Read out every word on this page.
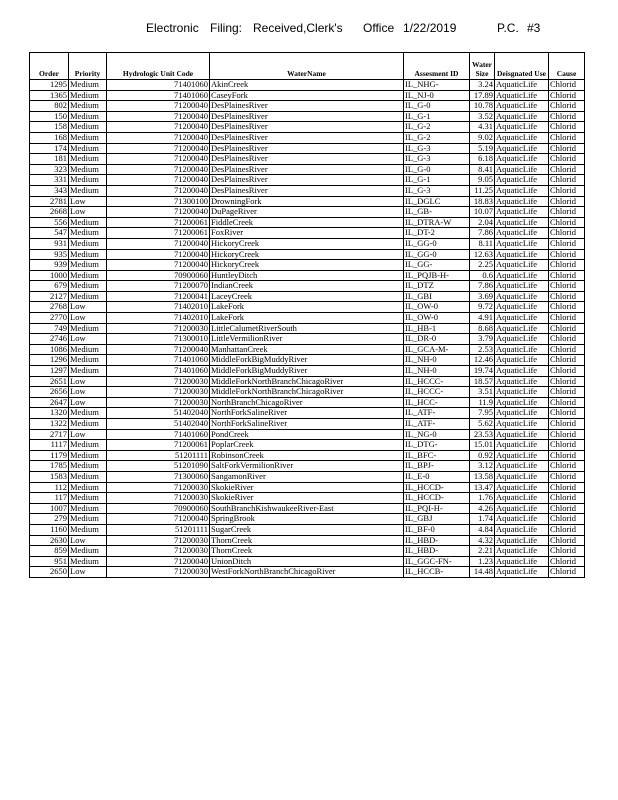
Electronic Filing: Received,Clerk's Office 1/22/2019	P.C. #3
Order	Priority	Hydrologic Unit Code	WaterName	Assesment ID	Water Size	Deisgnated Use	Cause
1295	Medium	71401060	AkinCreek	IL_NHG-	3.24	AquaticLife	Chlorid
1365	Medium	71401060	CaseyFork	IL_NJ-0	17.89	AquaticLife	Chlorid
802	Medium	71200040	DesPlainesRiver	IL_G-0	10.78	AquaticLife	Chlorid
150	Medium	71200040	DesPlainesRiver	IL_G-1	3.52	AquaticLife	Chlorid
158	Medium	71200040	DesPlainesRiver	IL_G-2	4.31	AquaticLife	Chlorid
168	Medium	71200040	DesPlainesRiver	IL_G-2	9.02	AquaticLife	Chlorid
174	Medium	71200040	DesPlainesRiver	IL_G-3	5.19	AquaticLife	Chlorid
181	Medium	71200040	DesPlainesRiver	IL_G-3	6.18	AquaticLife	Chlorid
323	Medium	71200040	DesPlainesRiver	IL_G-0	8.41	AquaticLife	Chlorid
331	Medium	71200040	DesPlainesRiver	IL_G-1	9.05	AquaticLife	Chlorid
343	Medium	71200040	DesPlainesRiver	IL_G-3	11.25	AquaticLife	Chlorid
2781	Low	71300100	DrowningFork	IL_DGLC	18.83	AquaticLife	Chlorid
2668	Low	71200040	DuPageRiver	IL_GB-	10.07	AquaticLife	Chlorid
556	Medium	71200061	FiddleCreek	IL_DTRA-W	2.04	AquaticLife	Chlorid
547	Medium	71200061	FoxRiver	IL_DT-2	7.86	AquaticLife	Chlorid
931	Medium	71200040	HickoryCreek	IL_GG-0	8.11	AquaticLife	Chlorid
935	Medium	71200040	HickoryCreek	IL_GG-0	12.63	AquaticLife	Chlorid
939	Medium	71200040	HickoryCreek	IL_GG-	2.25	AquaticLife	Chlorid
1000	Medium	70900060	HuntleyDitch	IL_PQJB-H-	0.6	AquaticLife	Chlorid
679	Medium	71200070	IndianCreek	IL_DTZ	7.86	AquaticLife	Chlorid
2127	Medium	71200041	LaceyCreek	IL_GBI	3.69	AquaticLife	Chlorid
2768	Low	71402010	LakeFork	IL_OW-0	9.72	AquaticLife	Chlorid
2770	Low	71402010	LakeFork	IL_OW-0	4.91	AquaticLife	Chlorid
749	Medium	71200030	LittleCalumetRiverSouth	IL_HB-1	8.68	AquaticLife	Chlorid
2746	Low	71300010	LittleVermilionRiver	IL_DR-0	3.79	AquaticLife	Chlorid
1086	Medium	71200040	ManhattanCreek	IL_GCA-M-	2.53	AquaticLife	Chlorid
1296	Medium	71401060	MiddleForkBigMuddyRiver	IL_NH-0	12.46	AquaticLife	Chlorid
1297	Medium	71401060	MiddleForkBigMuddyRiver	IL_NH-0	19.74	AquaticLife	Chlorid
2651	Low	71200030	MiddleForkNorthBranchChicagoRiver	IL_HCCC-	18.57	AquaticLife	Chlorid
2656	Low	71200030	MiddleForkNorthBranchChicagoRiver	IL_HCCC-	3.51	AquaticLife	Chlorid
2647	Low	71200030	NorthBranchChicagoRiver	IL_HCC-	11.9	AquaticLife	Chlorid
1320	Medium	51402040	NorthForkSalineRiver	IL_ATF-	7.95	AquaticLife	Chlorid
1322	Medium	51402040	NorthForkSalineRiver	IL_ATF-	5.62	AquaticLife	Chlorid
2717	Low	71401060	PondCreek	IL_NG-0	23.53	AquaticLife	Chlorid
1117	Medium	71200061	PoplarCreek	IL_DTG-	15.01	AquaticLife	Chlorid
1179	Medium	51201111	RobinsonCreek	IL_BFC-	0.92	AquaticLife	Chlorid
1785	Medium	51201090	SaltForkVermilionRiver	IL_BPJ-	3.12	AquaticLife	Chlorid
1583	Medium	71300060	SangamonRiver	IL_E-0	13.58	AquaticLife	Chlorid
112	Medium	71200030	SkokieRiver	IL_HCCD-	13.47	AquaticLife	Chlorid
117	Medium	71200030	SkokieRiver	IL_HCCD-	1.76	AquaticLife	Chlorid
1007	Medium	70900060	SouthBranchKishwaukeeRiver-East	IL_PQI-H-	4.26	AquaticLife	Chlorid
279	Medium	71200040	SpringBrook	IL_GBJ	1.74	AquaticLife	Chlorid
1160	Medium	51201111	SugarCreek	IL_BF-0	4.84	AquaticLife	Chlorid
2630	Low	71200030	ThornCreek	IL_HBD-	4.32	AquaticLife	Chlorid
859	Medium	71200030	ThornCreek	IL_HBD-	2.21	AquaticLife	Chlorid
951	Medium	71200040	UnionDitch	IL_GGC-FN-	1.23	AquaticLife	Chlorid
2650	Low	71200030	WestForkNorthBranchChicagoRiver	IL_HCCB-	14.48	AquaticLife	Chlorid
